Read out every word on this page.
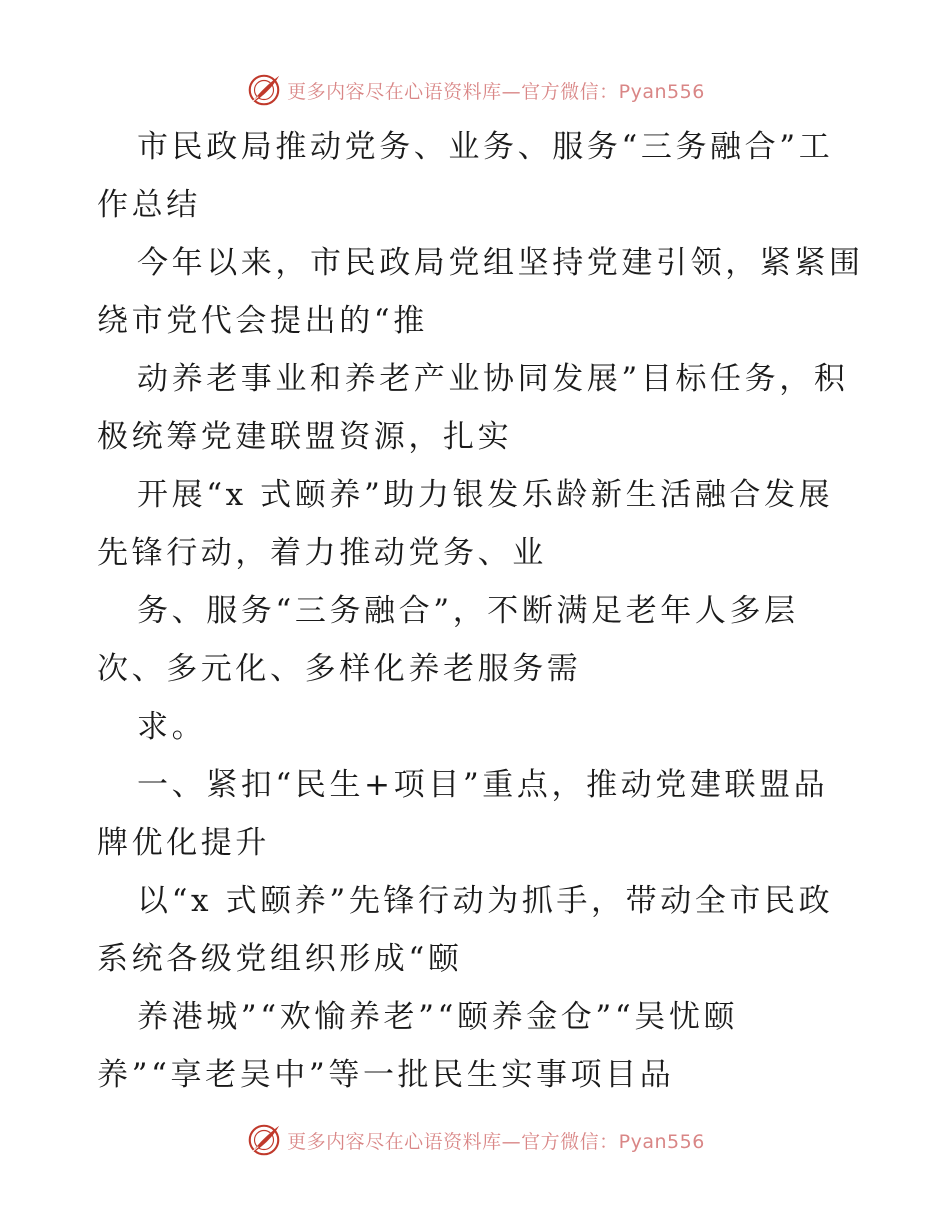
更多内容尽在心语资料库—官方微信：Pyan556
市民政局推动党务、业务、服务“三务融合”工
作总结
今年以来，市民政局党组坚持党建引领，紧紧围
绕市党代会提出的“推
动养老事业和养老产业协同发展”目标任务，积
极统筹党建联盟资源，扎实
开展“x 式颐养”助力银发乐龄新生活融合发展
先锋行动，着力推动党务、业
务、服务“三务融合”，不断满足老年人多层
次、多元化、多样化养老服务需
求。
一、紧扣“民生+项目”重点，推动党建联盟品
牌优化提升
以“x 式颐养”先锋行动为抓手，带动全市民政
系统各级党组织形成“颐
养港城”“欢愉养老”“颐养金仓”“吴忧颐
养”“享老吴中”等一批民生实事项目品
更多内容尽在心语资料库—官方微信：Pyan556
